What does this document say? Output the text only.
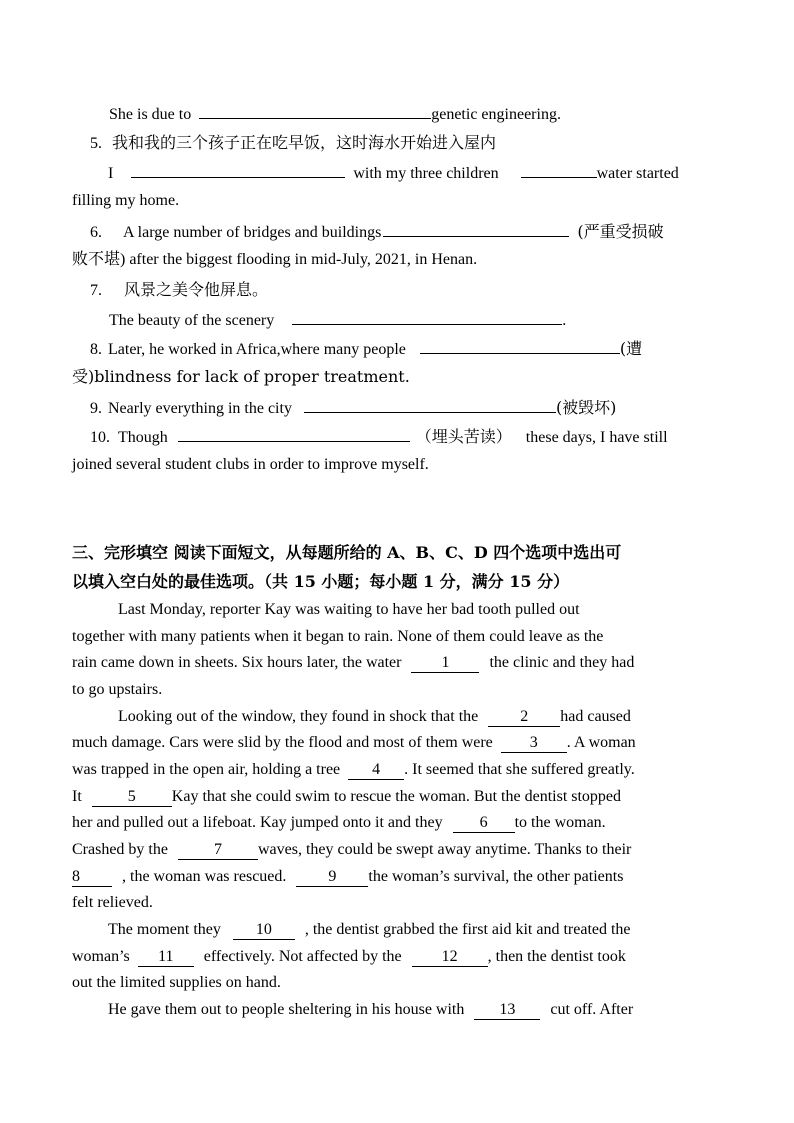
She is due to	genetic engineering.
5. 我和我的三个孩子正在吃早饭，这时海水开始进入屋内
I	with my three children	water started
filling my home.
6. A large number of bridges and buildings	(严重受损破
败不堪) after the biggest flooding in mid-July, 2021, in Henan.
7. 风景之美令他屏息。
The beauty of the scenery	.
8. Later, he worked in Africa,where many people	(遭
受)blindness for lack of proper treatment.
9. Nearly everything in the city	(被毁坏)
10. Though	（埋头苦读） these days, I have still
joined several student clubs in order to improve myself.
三、完形填空 阅读下面短文，从每题所给的 A、B、C、D 四个选项中选出可
以填入空白处的最佳选项。（共 15 小题；每小题 1 分，满分 15 分）
Last Monday, reporter Kay was waiting to have her bad tooth pulled out
together with many patients when it began to rain. None of them could leave as the
rain came down in sheets. Six hours later, the water	1	the clinic and they had
to go upstairs.
Looking out of the window, they found in shock that the	2 had caused
much damage. Cars were slid by the flood and most of them were 3 . A woman
was trapped in the open air, holding a tree 4 . It seemed that she suffered greatly.
It	5 Kay that she could swim to rescue the woman. But the dentist stopped
her and pulled out a lifeboat. Kay jumped onto it and they 6 to the woman.
Crashed by the	7 waves, they could be swept away anytime. Thanks to their
8	, the woman was rescued.	9 the woman’s survival, the other patients
felt relieved.
The moment they 10 , the dentist grabbed the first aid kit and treated the
woman’s 11 effectively. Not affected by the	12 , then the dentist took
out the limited supplies on hand.
He gave them out to people sheltering in his house with 13 cut off. After
